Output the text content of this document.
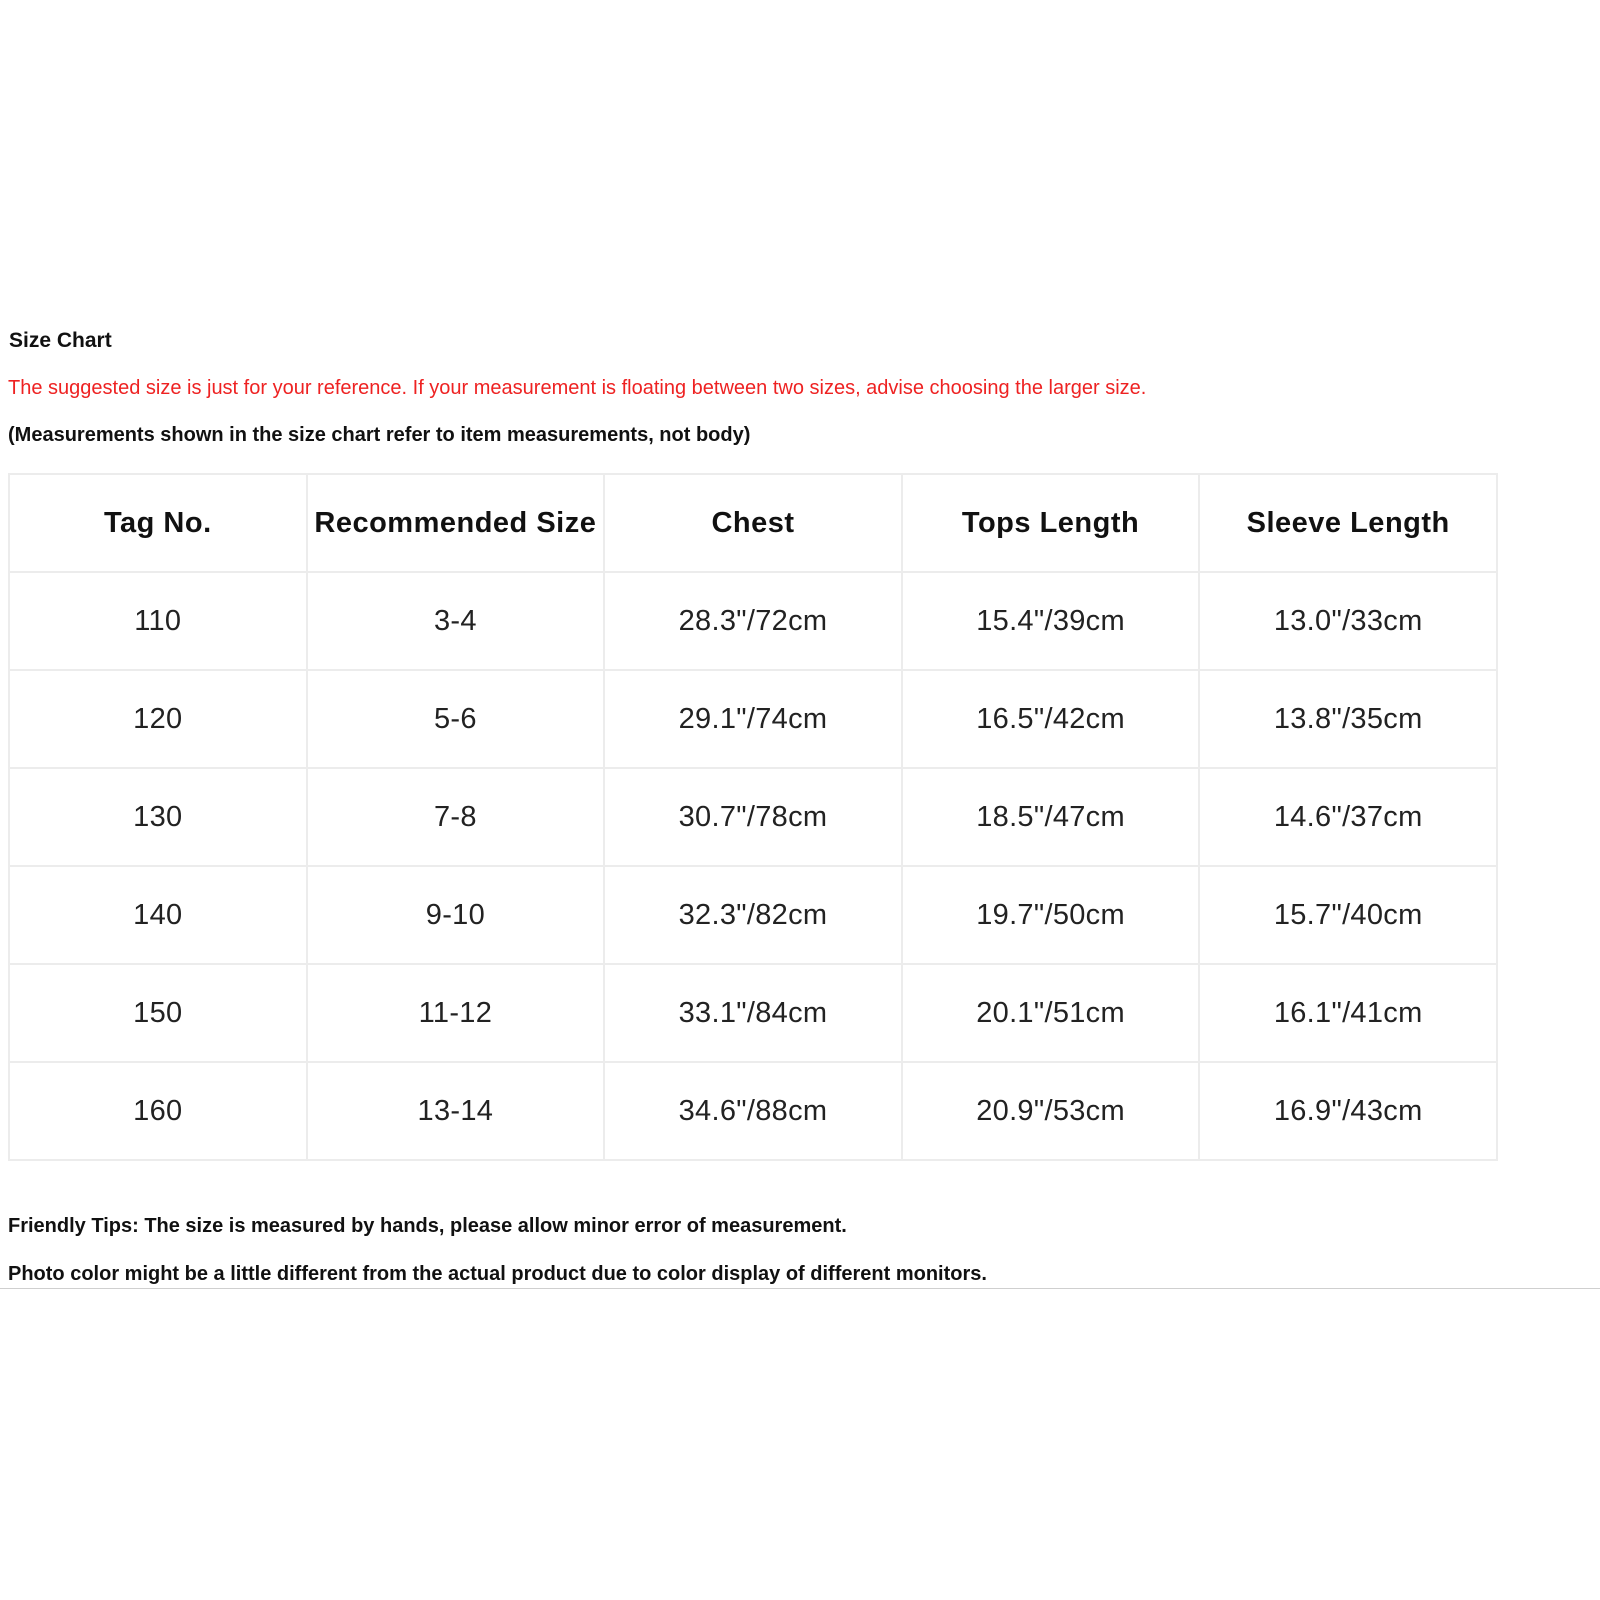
Size Chart
The suggested size is just for your reference. If your measurement is floating between two sizes, advise choosing the larger size.
(Measurements shown in the size chart refer to item measurements, not body)
Tag No.	Recommended Size	Chest	Tops Length	Sleeve Length
110	3-4	28.3"/72cm	15.4"/39cm	13.0"/33cm
120	5-6	29.1"/74cm	16.5"/42cm	13.8"/35cm
130	7-8	30.7"/78cm	18.5"/47cm	14.6"/37cm
140	9-10	32.3"/82cm	19.7"/50cm	15.7"/40cm
150	11-12	33.1"/84cm	20.1"/51cm	16.1"/41cm
160	13-14	34.6"/88cm	20.9"/53cm	16.9"/43cm
Friendly Tips: The size is measured by hands, please allow minor error of measurement.
Photo color might be a little different from the actual product due to color display of different monitors.
